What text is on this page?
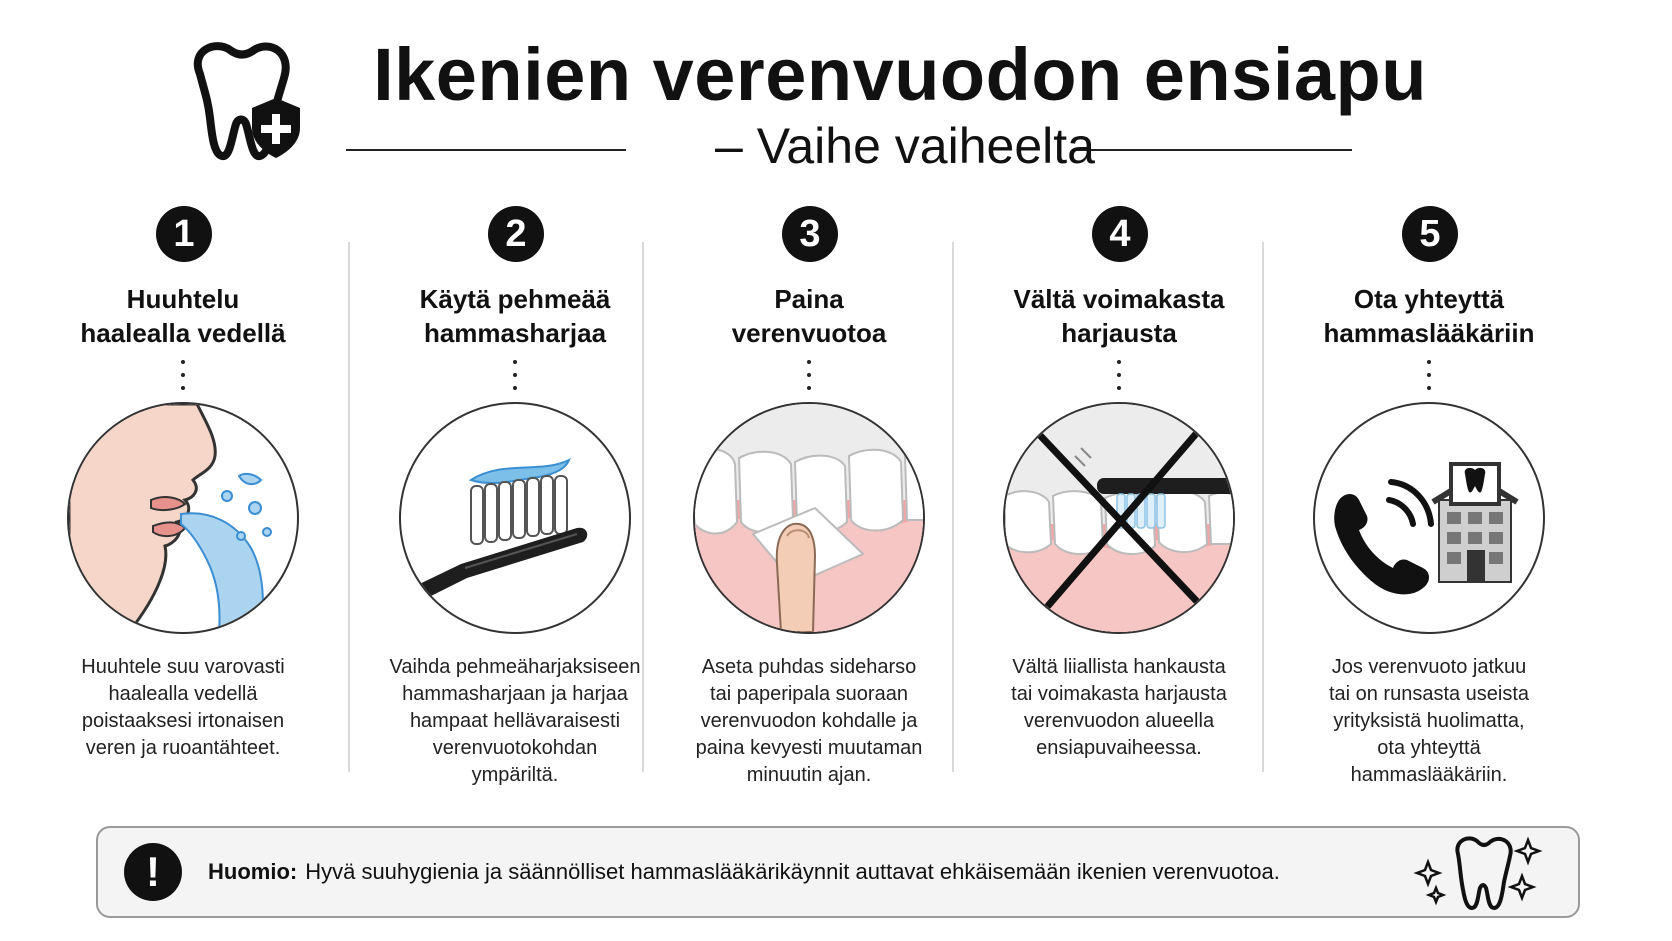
Ikenien verenvuodon ensiapu
– Vaihe vaiheelta
1
Huuhtelu
haalealla vedellä
Huuhtele suu varovasti
haalealla vedellä
poistaaksesi irtonaisen
veren ja ruoantähteet.
2
Käytä pehmeää
hammasharjaa
Vaihda pehmeäharjaksiseen
hammasharjaan ja harjaa
hampaat hellävaraisesti
verenvuotokohdan
ympäriltä.
3
Paina
verenvuotoa
Aseta puhdas sideharso
tai paperipala suoraan
verenvuodon kohdalle ja
paina kevyesti muutaman
minuutin ajan.
4
Vältä voimakasta
harjausta
Vältä liiallista hankausta
tai voimakasta harjausta
verenvuodon alueella
ensiapuvaiheessa.
5
Ota yhteyttä
hammaslääkäriin
Jos verenvuoto jatkuu
tai on runsasta useista
yrityksistä huolimatta,
ota yhteyttä
hammaslääkäriin.
!	Huomio: Hyvä suuhygienia ja säännölliset hammaslääkärikäynnit auttavat ehkäisemään ikenien verenvuotoa.
